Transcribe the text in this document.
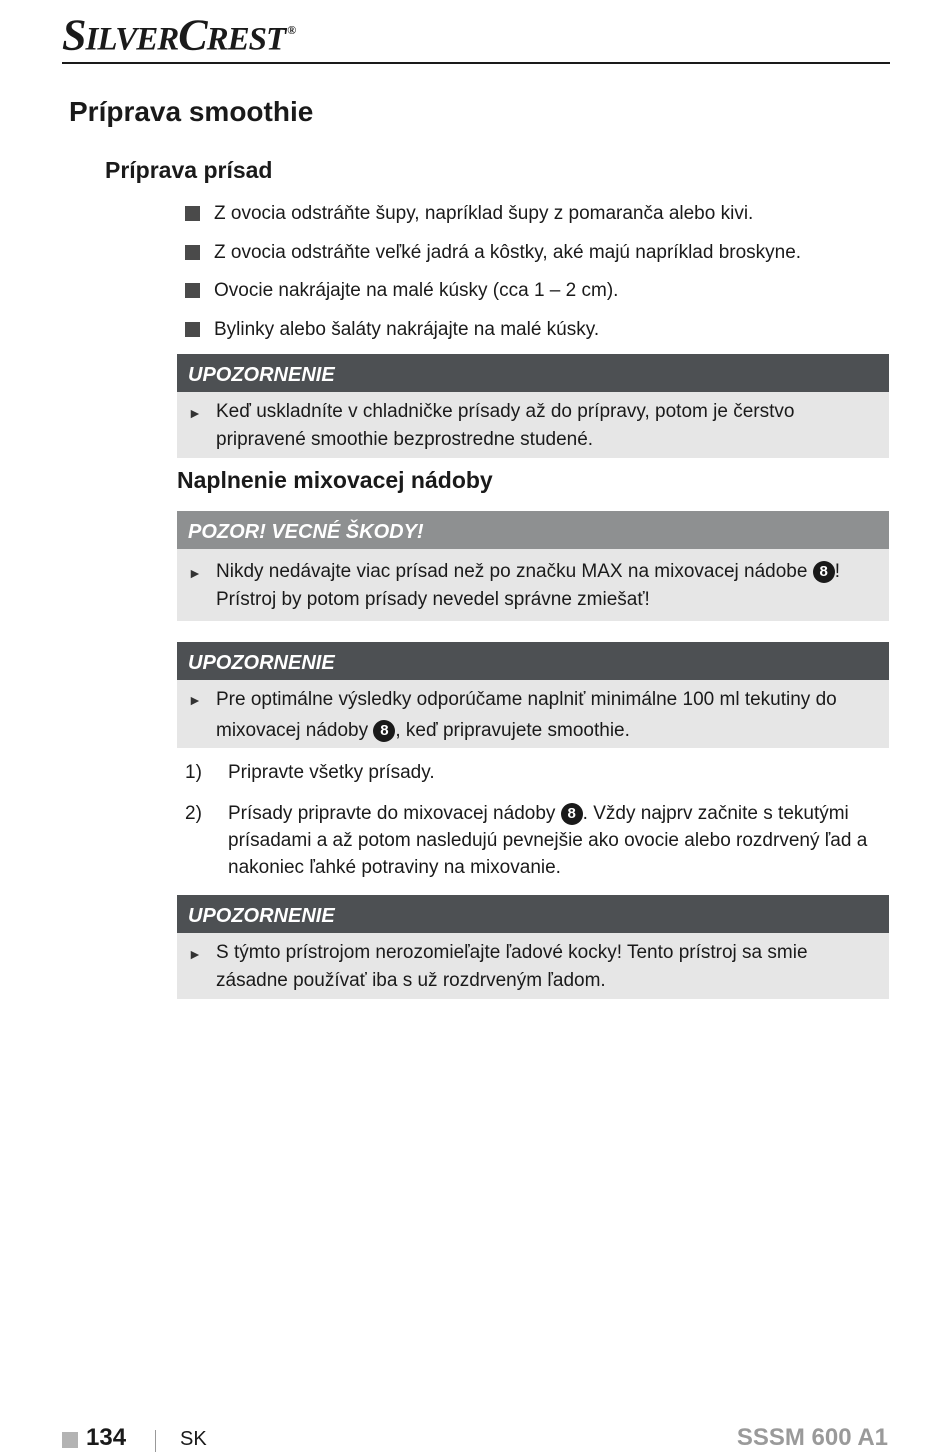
SILVERCREST ®
Príprava smoothie
Príprava prísad
Z ovocia odstráňte šupy, napríklad šupy z pomaranča alebo kivi.
Z ovocia odstráňte veľké jadrá a kôstky, aké majú napríklad broskyne.
Ovocie nakrájajte na malé kúsky (cca 1 – 2 cm).
Bylinky alebo šaláty nakrájajte na malé kúsky.
UPOZORNENIE
► Keď uskladníte v chladničke prísady až do prípravy, potom je čerstvo pripravené smoothie bezprostredne studené.
Naplnenie mixovacej nádoby
POZOR! VECNÉ ŠKODY!
► Nikdy nedávajte viac prísad než po značku MAX na mixovacej nádobe 8 ! Prístroj by potom prísady nevedel správne zmiešať!
UPOZORNENIE
► Pre optimálne výsledky odporúčame naplniť minimálne 100 ml tekutiny do mixovacej nádoby 8 , keď pripravujete smoothie.
1)	Pripravte všetky prísady.
2)	Prísady pripravte do mixovacej nádoby 8 . Vždy najprv začnite s tekutými prísadami a až potom nasledujú pevnejšie ako ovocie alebo rozdrvený ľad a nakoniec ľahké potraviny na mixovanie.
UPOZORNENIE
► S týmto prístrojom nerozomieľajte ľadové kocky! Tento prístroj sa smie zásadne používať iba s už rozdrveným ľadom.
134	SK	SSSM 600 A1
